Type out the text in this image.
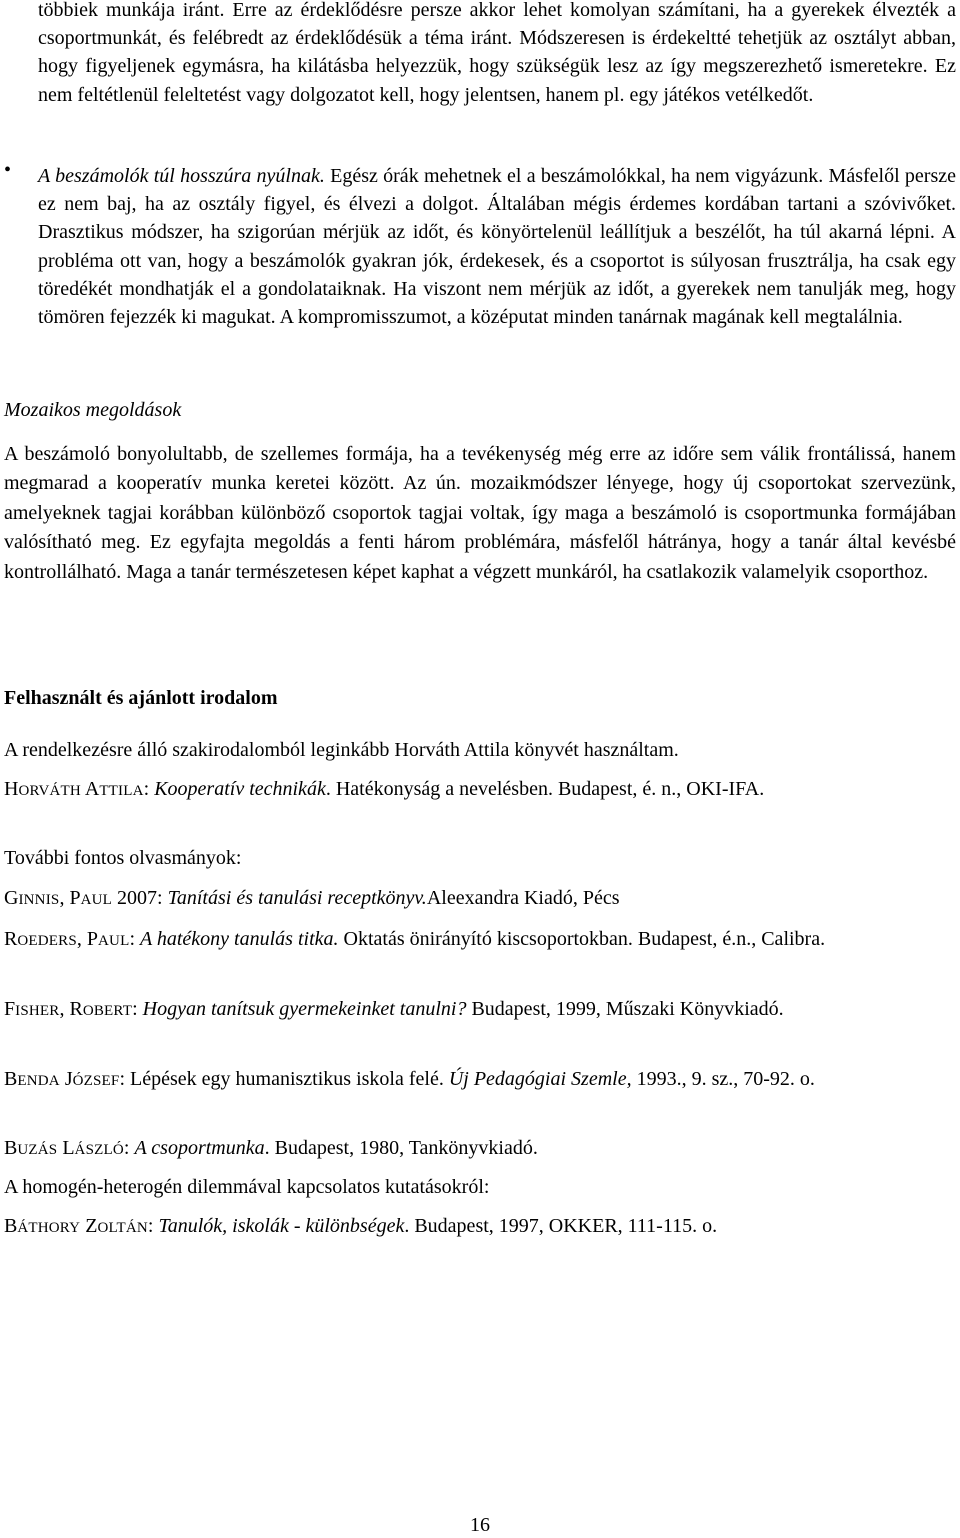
többiek munkája iránt. Erre az érdeklődésre persze akkor lehet komolyan számítani, ha a gyerekek élvezték a csoportmunkát, és felébredt az érdeklődésük a téma iránt. Módszeresen is érdekeltté tehetjük az osztályt abban, hogy figyeljenek egymásra, ha kilátásba helyezzük, hogy szükségük lesz az így megszerezhető ismeretekre. Ez nem feltétlenül feleltetést vagy dolgozatot kell, hogy jelentsen, hanem pl. egy játékos vetélkedőt.

• A beszámolók túl hosszúra nyúlnak. Egész órák mehetnek el a beszámolókkal, ha nem vigyázunk. Másfelől persze ez nem baj, ha az osztály figyel, és élvezi a dolgot. Általában mégis érdemes kordában tartani a szóvivőket. Drasztikus módszer, ha szigorúan mérjük az időt, és könyörtelenül leállítjuk a beszélőt, ha túl akarná lépni. A probléma ott van, hogy a beszámolók gyakran jók, érdekesek, és a csoportot is súlyosan frusztrálja, ha csak egy töredékét mondhatják el a gondolataiknak. Ha viszont nem mérjük az időt, a gyerekek nem tanulják meg, hogy tömören fejezzék ki magukat. A kompromisszumot, a középutat minden tanárnak magának kell megtalálnia.

Mozaikos megoldások

A beszámoló bonyolultabb, de szellemes formája, ha a tevékenység még erre az időre sem válik frontálissá, hanem megmarad a kooperatív munka keretei között. Az ún. mozaikmódszer lényege, hogy új csoportokat szervezünk, amelyeknek tagjai korábban különböző csoportok tagjai voltak, így maga a beszámoló is csoportmunka formájában valósítható meg. Ez egyfajta megoldás a fenti három problémára, másfelől hátránya, hogy a tanár által kevésbé kontrollálható. Maga a tanár természetesen képet kaphat a végzett munkáról, ha csatlakozik valamelyik csoporthoz.

Felhasznált és ajánlott irodalom
A rendelkezésre álló szakirodalomból leginkább Horváth Attila könyvét használtam.
HORVÁTH ATTILA: Kooperatív technikák. Hatékonyság a nevelésben. Budapest, é. n., OKI-IFA.
További fontos olvasmányok:
GINNIS, PAUL 2007: Tanítási és tanulási receptkönyv.Aleexandra Kiadó, Pécs
ROEDERS, PAUL: A hatékony tanulás titka. Oktatás önirányító kiscsoportokban. Budapest, é.n., Calibra.
FISHER, ROBERT: Hogyan tanítsuk gyermekeinket tanulni? Budapest, 1999, Műszaki Könyvkiadó.
BENDA JÓZSEF: Lépések egy humanisztikus iskola felé. Új Pedagógiai Szemle, 1993., 9. sz., 70-92. o.
BUZÁS LÁSZLÓ: A csoportmunka. Budapest, 1980, Tankönyvkiadó.
A homogén-heterogén dilemmával kapcsolatos kutatásokról:
BÁTHORY ZOLTÁN: Tanulók, iskolák - különbségek. Budapest, 1997, OKKER, 111-115. o.
16
